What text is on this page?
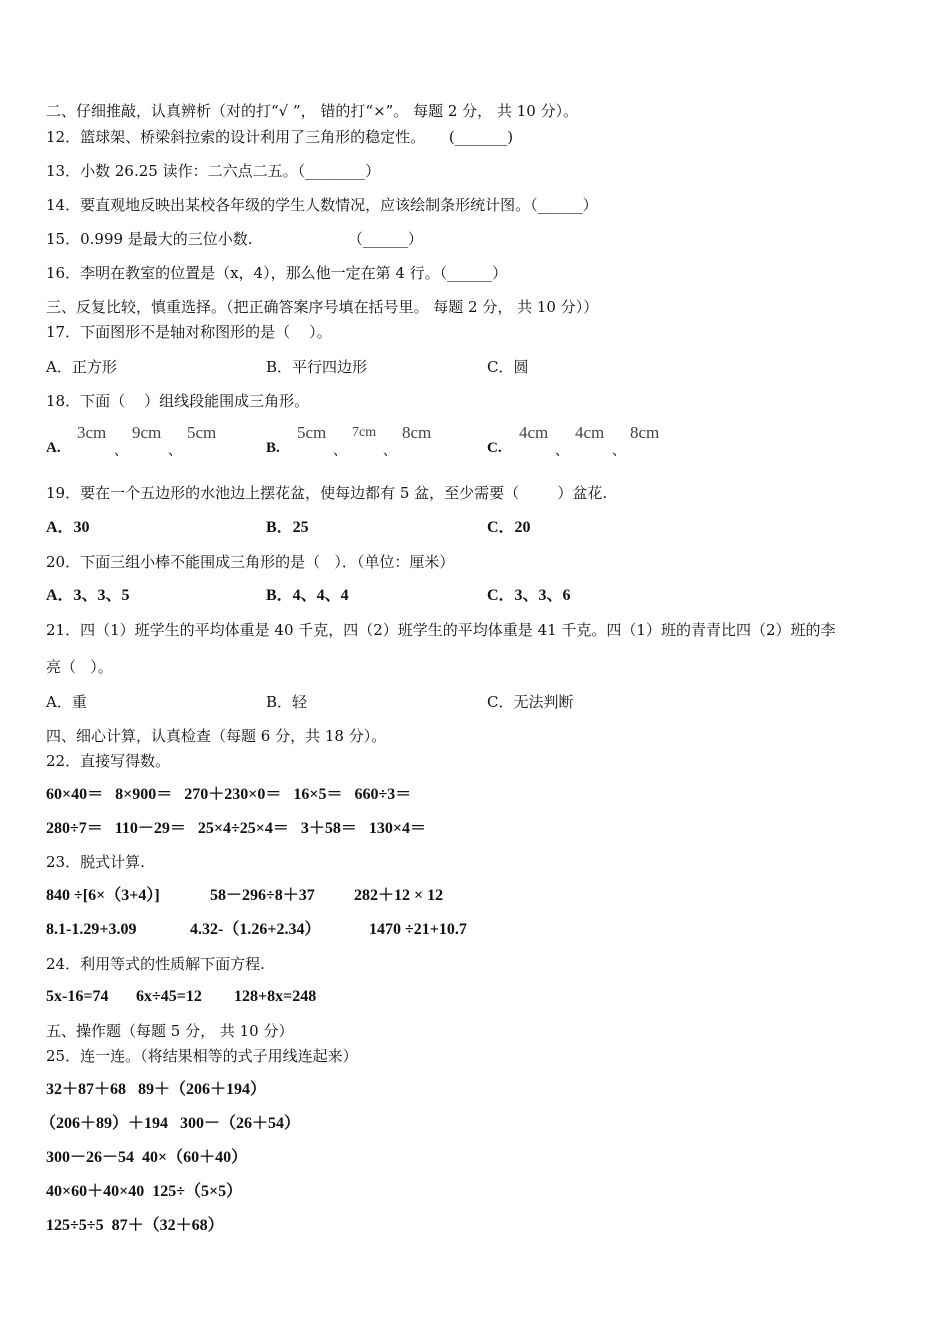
二、仔细推敲，认真辨析（对的打“√ ”， 错的打“×”。 每题 2 分， 共 10 分）。
12．篮球架、桥梁斜拉索的设计利用了三角形的稳定性。     (_______)
13．小数 26.25 读作：二六点二五。（________）
14．要直观地反映出某校各年级的学生人数情况，应该绘制条形统计图。（______）
15．0.999 是最大的三位小数.                    （______）
16．李明在教室的位置是（x，4），那么他一定在第 4 行。（______）
三、反复比较，慎重选择。（把正确答案序号填在括号里。 每题 2 分， 共 10 分））
17．下面图形不是轴对称图形的是（    ）。
A．正方形	B．平行四边形	C．圆
18．下面（    ）组线段能围成三角形。
A.
3cm
、
9cm
、
5cm
B.
5cm
、
7cm
、
8cm
C.
4cm
、
4cm
、
8cm
19．要在一个五边形的水池边上摆花盆，使每边都有 5 盆，至少需要（        ）盆花.
A．30	B．25	C．20
20．下面三组小棒不能围成三角形的是（   ）．（单位：厘米）
A．3、3、5	B．4、4、4	C．3、3、6
21．四（1）班学生的平均体重是 40 千克，四（2）班学生的平均体重是 41 千克。四（1）班的青青比四（2）班的李
亮（   ）。
A．重	B．轻	C．无法判断
四、细心计算，认真检查（每题 6 分，共 18 分）。
22．直接写得数。
60×40＝   8×900＝   270＋230×0＝   16×5＝   660÷3＝
280÷7＝   110－29＝   25×4÷25×4＝   3＋58＝   130×4＝
23．脱式计算.
840 ÷[6×（3+4）]	58－296÷8＋37 282＋12 × 12
8.1-1.29+3.09	4.32-（1.26+2.34）	1470 ÷21+10.7
24．利用等式的性质解下面方程.
5x-16=74 6x÷45=12 128+8x=248
五、操作题（每题 5 分， 共 10 分）
25．连一连。（将结果相等的式子用线连起来）
32＋87＋68   89＋（206＋194）
（206＋89）＋194   300－（26＋54）
300－26－54  40×（60＋40）
40×60＋40×40  125÷（5×5）
125÷5÷5  87＋（32＋68）
